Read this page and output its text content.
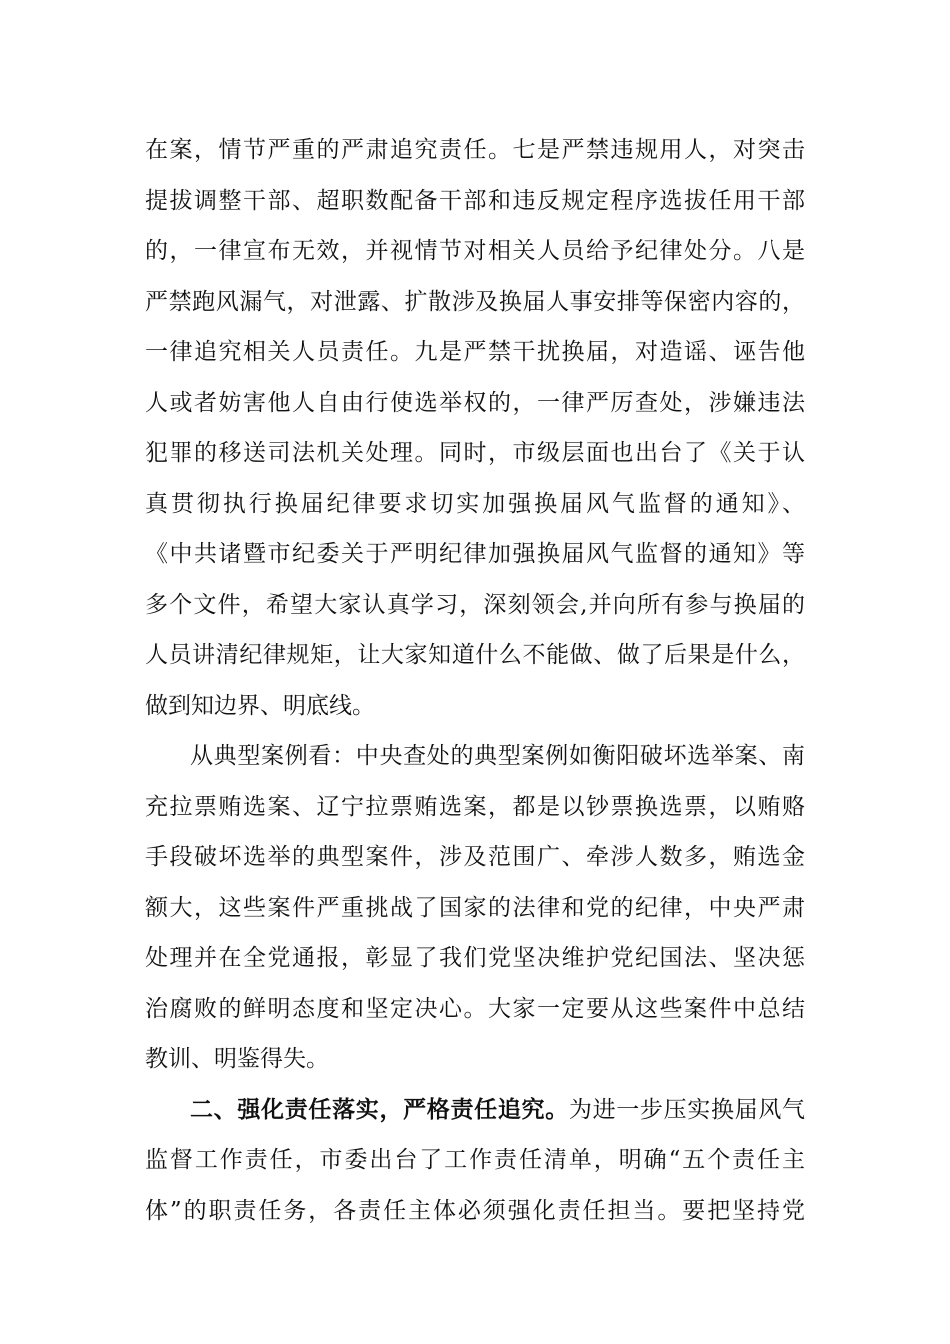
在案，情节严重的严肃追究责任。七是严禁违规用人，对突击
提拔调整干部、超职数配备干部和违反规定程序选拔任用干部
的，一律宣布无效，并视情节对相关人员给予纪律处分。八是
严禁跑风漏气，对泄露、扩散涉及换届人事安排等保密内容的，
一律追究相关人员责任。九是严禁干扰换届，对造谣、诬告他
人或者妨害他人自由行使选举权的，一律严厉查处，涉嫌违法
犯罪的移送司法机关处理。同时，市级层面也出台了《关于认
真贯彻执行换届纪律要求切实加强换届风气监督的通知》、
《中共诸暨市纪委关于严明纪律加强换届风气监督的通知》等
多个文件，希望大家认真学习，深刻领会,并向所有参与换届的
人员讲清纪律规矩，让大家知道什么不能做、做了后果是什么，
做到知边界、明底线。
从典型案例看：中央查处的典型案例如衡阳破坏选举案、南
充拉票贿选案、辽宁拉票贿选案，都是以钞票换选票，以贿赂
手段破坏选举的典型案件，涉及范围广、牵涉人数多，贿选金
额大，这些案件严重挑战了国家的法律和党的纪律，中央严肃
处理并在全党通报，彰显了我们党坚决维护党纪国法、坚决惩
治腐败的鲜明态度和坚定决心。大家一定要从这些案件中总结
教训、明鉴得失。
二、强化责任落实，严格责任追究。为进一步压实换届风气
监督工作责任，市委出台了工作责任清单，明确“五个责任主
体”的职责任务，各责任主体必须强化责任担当。要把坚持党
